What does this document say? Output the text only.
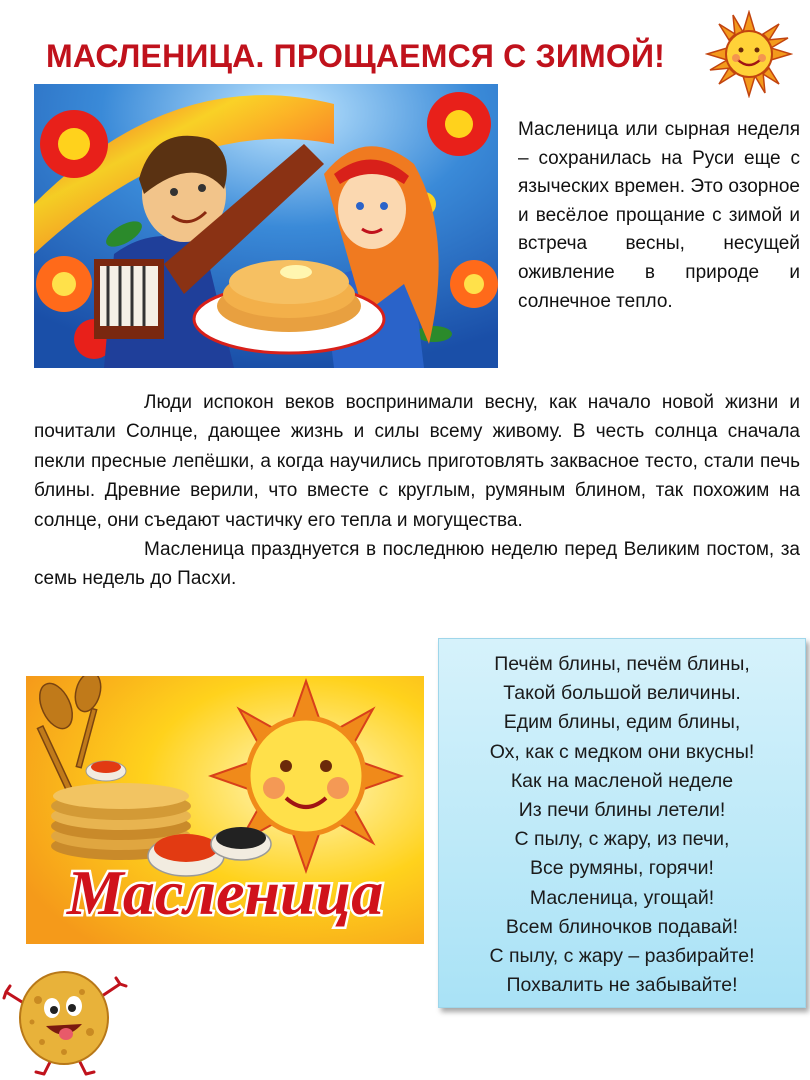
МАСЛЕНИЦА. ПРОЩАЕМСЯ С ЗИМОЙ!
Масленица или сырная неделя – сохранилась на Руси еще с языческих времен. Это озорное и весёлое прощание с зимой и встреча весны, несущей оживление в природе и солнечное тепло.

Люди испокон веков воспринимали весну, как начало новой жизни и почитали Солнце, дающее жизнь и силы всему живому. В честь солнца сначала пекли пресные лепёшки, а когда научились приготовлять заквасное тесто, стали печь блины. Древние верили, что вместе с круглым, румяным блином, так похожим на солнце, они съедают частичку его тепла и могущества.

Масленица празднуется в последнюю неделю перед Великим постом, за семь недель до Пасхи.

Масленица
Печём блины, печём блины,
Такой большой величины.
Едим блины, едим блины,
Ох, как с медком они вкусны!
Как на масленой неделе
Из печи блины летели!
С пылу, с жару, из печи,
Все румяны, горячи!
Масленица, угощай!
Всем блиночков подавай!
С пылу, с жару – разбирайте!
Похвалить не забывайте!
